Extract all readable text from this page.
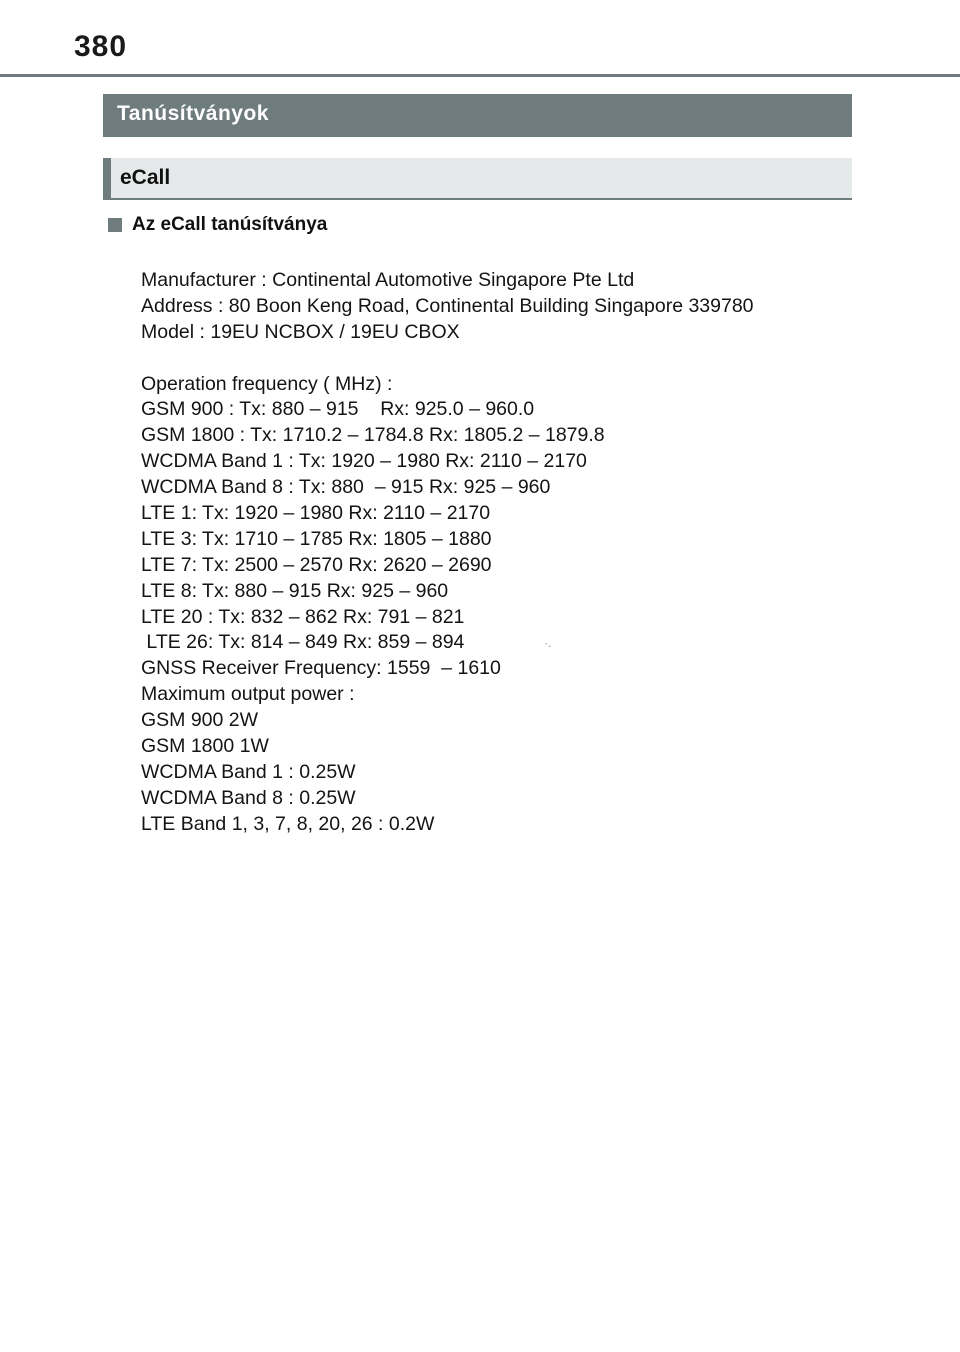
380
Tanúsítványok
eCall
Az eCall tanúsítványa
Manufacturer : Continental Automotive Singapore Pte Ltd
Address : 80 Boon Keng Road, Continental Building Singapore 339780
Model : 19EU NCBOX / 19EU CBOX
Operation frequency ( MHz) :
GSM 900 : Tx: 880 – 915    Rx: 925.0 – 960.0
GSM 1800 : Tx: 1710.2 – 1784.8 Rx: 1805.2 – 1879.8
WCDMA Band 1 : Tx: 1920 – 1980 Rx: 2110 – 2170
WCDMA Band 8 : Tx: 880  – 915 Rx: 925 – 960
LTE 1: Tx: 1920 – 1980 Rx: 2110 – 2170
LTE 3: Tx: 1710 – 1785 Rx: 1805 – 1880
LTE 7: Tx: 2500 – 2570 Rx: 2620 – 2690
LTE 8: Tx: 880 – 915 Rx: 925 – 960
LTE 20 : Tx: 832 – 862 Rx: 791 – 821
LTE 26: Tx: 814 – 849 Rx: 859 – 894
GNSS Receiver Frequency: 1559  – 1610
Maximum output power :
GSM 900 2W
GSM 1800 1W
WCDMA Band 1 : 0.25W
WCDMA Band 8 : 0.25W
LTE Band 1, 3, 7, 8, 20, 26 : 0.2W
·.
